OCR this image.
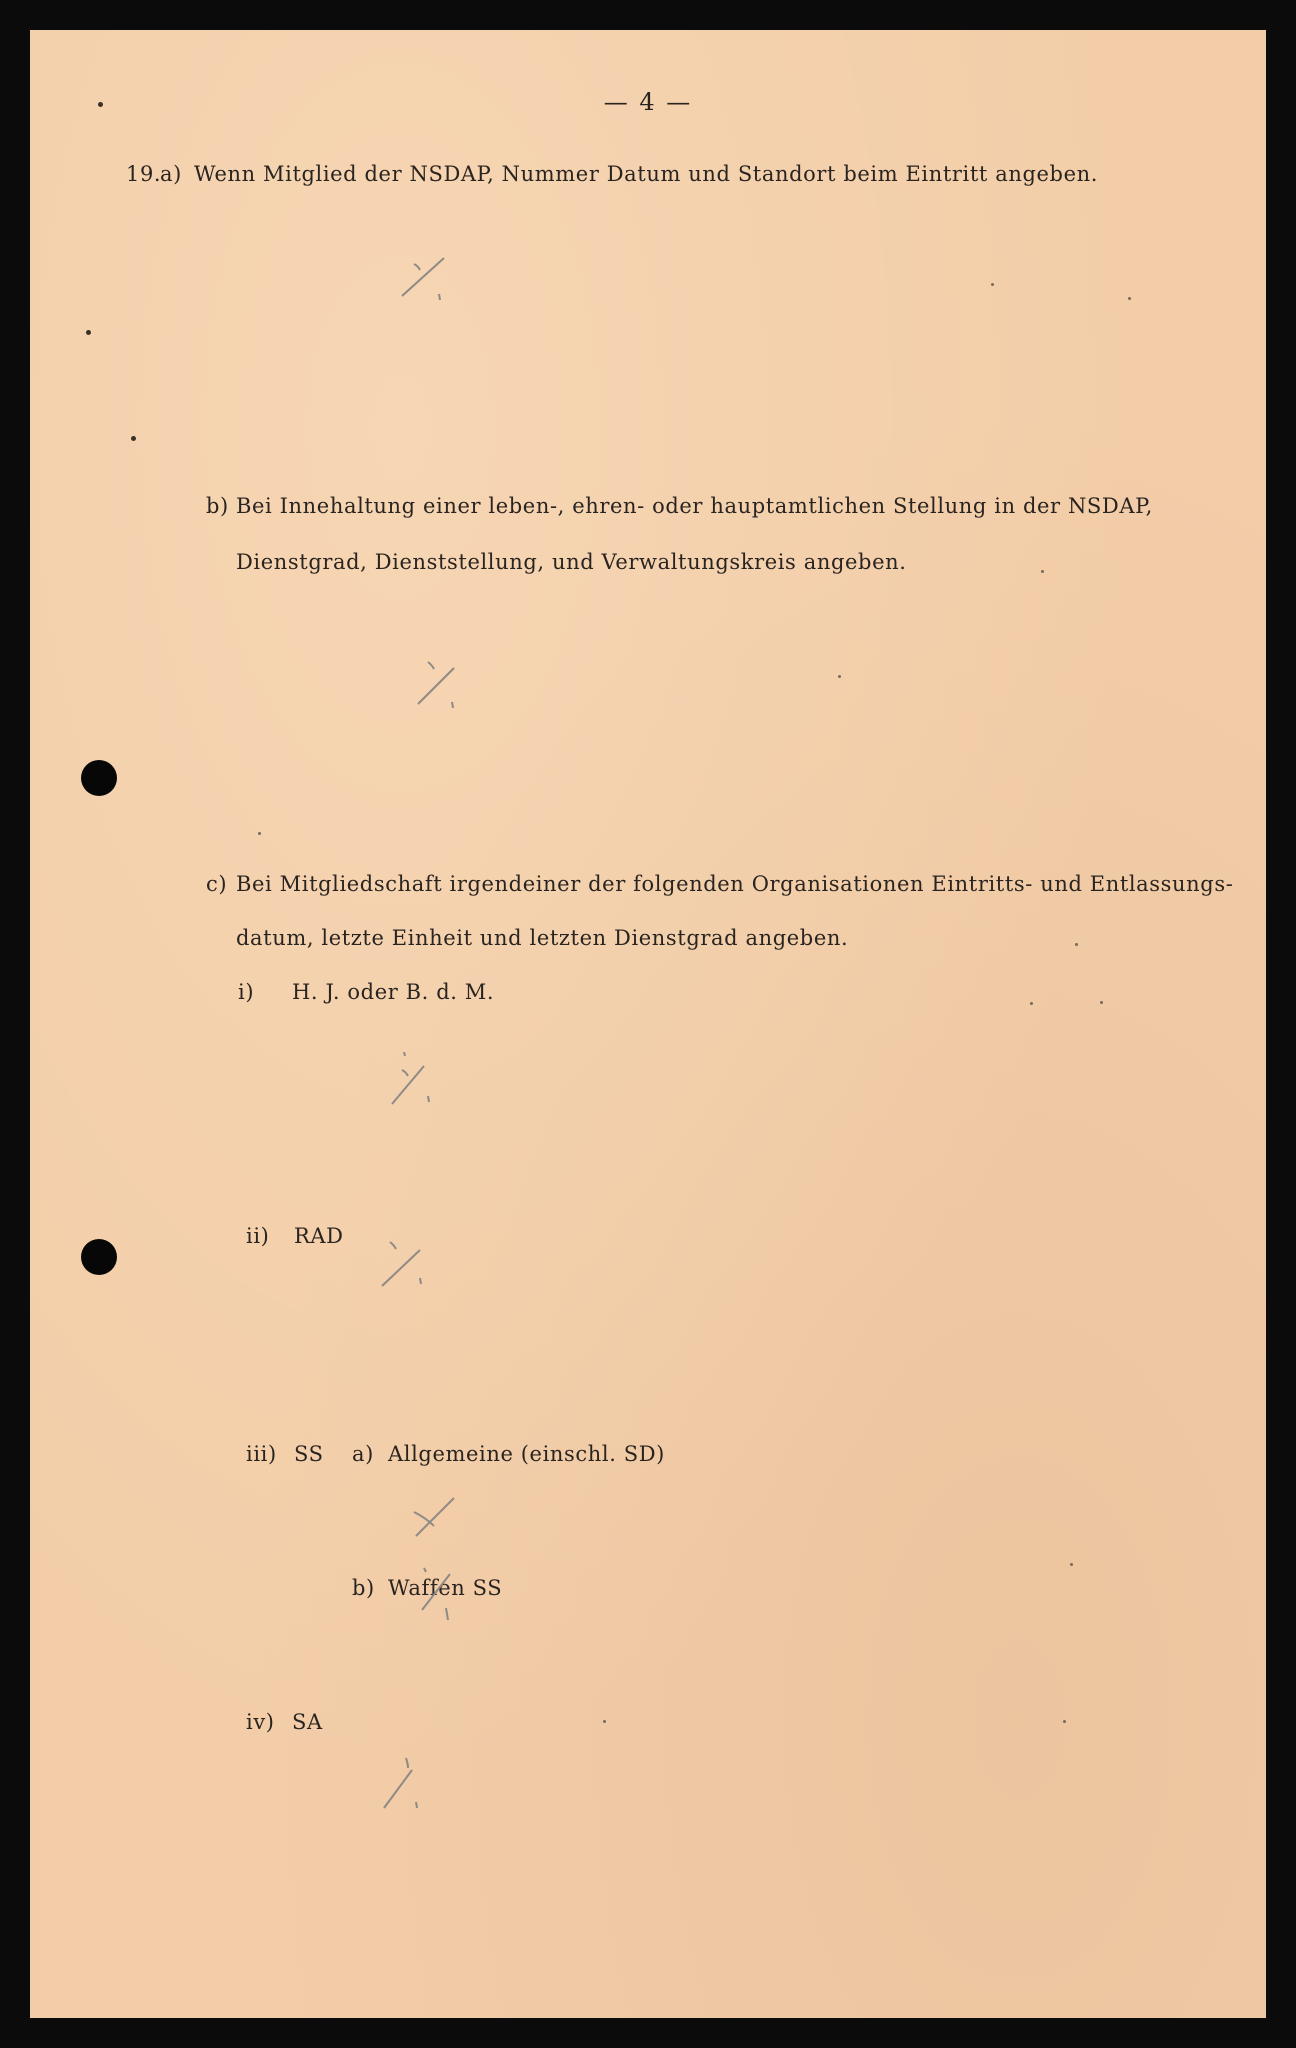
— 4 —
19.
a) Wenn Mitglied der NSDAP, Nummer Datum und Standort beim Eintritt angeben.
b) Bei Innehaltung einer leben-, ehren- oder hauptamtlichen Stellung in der NSDAP,
Dienstgrad, Dienststellung, und Verwaltungskreis angeben.
c) Bei Mitgliedschaft irgendeiner der folgenden Organisationen Eintritts- und Entlassungs-
datum, letzte Einheit und letzten Dienstgrad angeben.
i) H. J. oder B. d. M.
ii) RAD
iii) SS a) Allgemeine (einschl. SD)
b) Waffen SS
iv) SA
